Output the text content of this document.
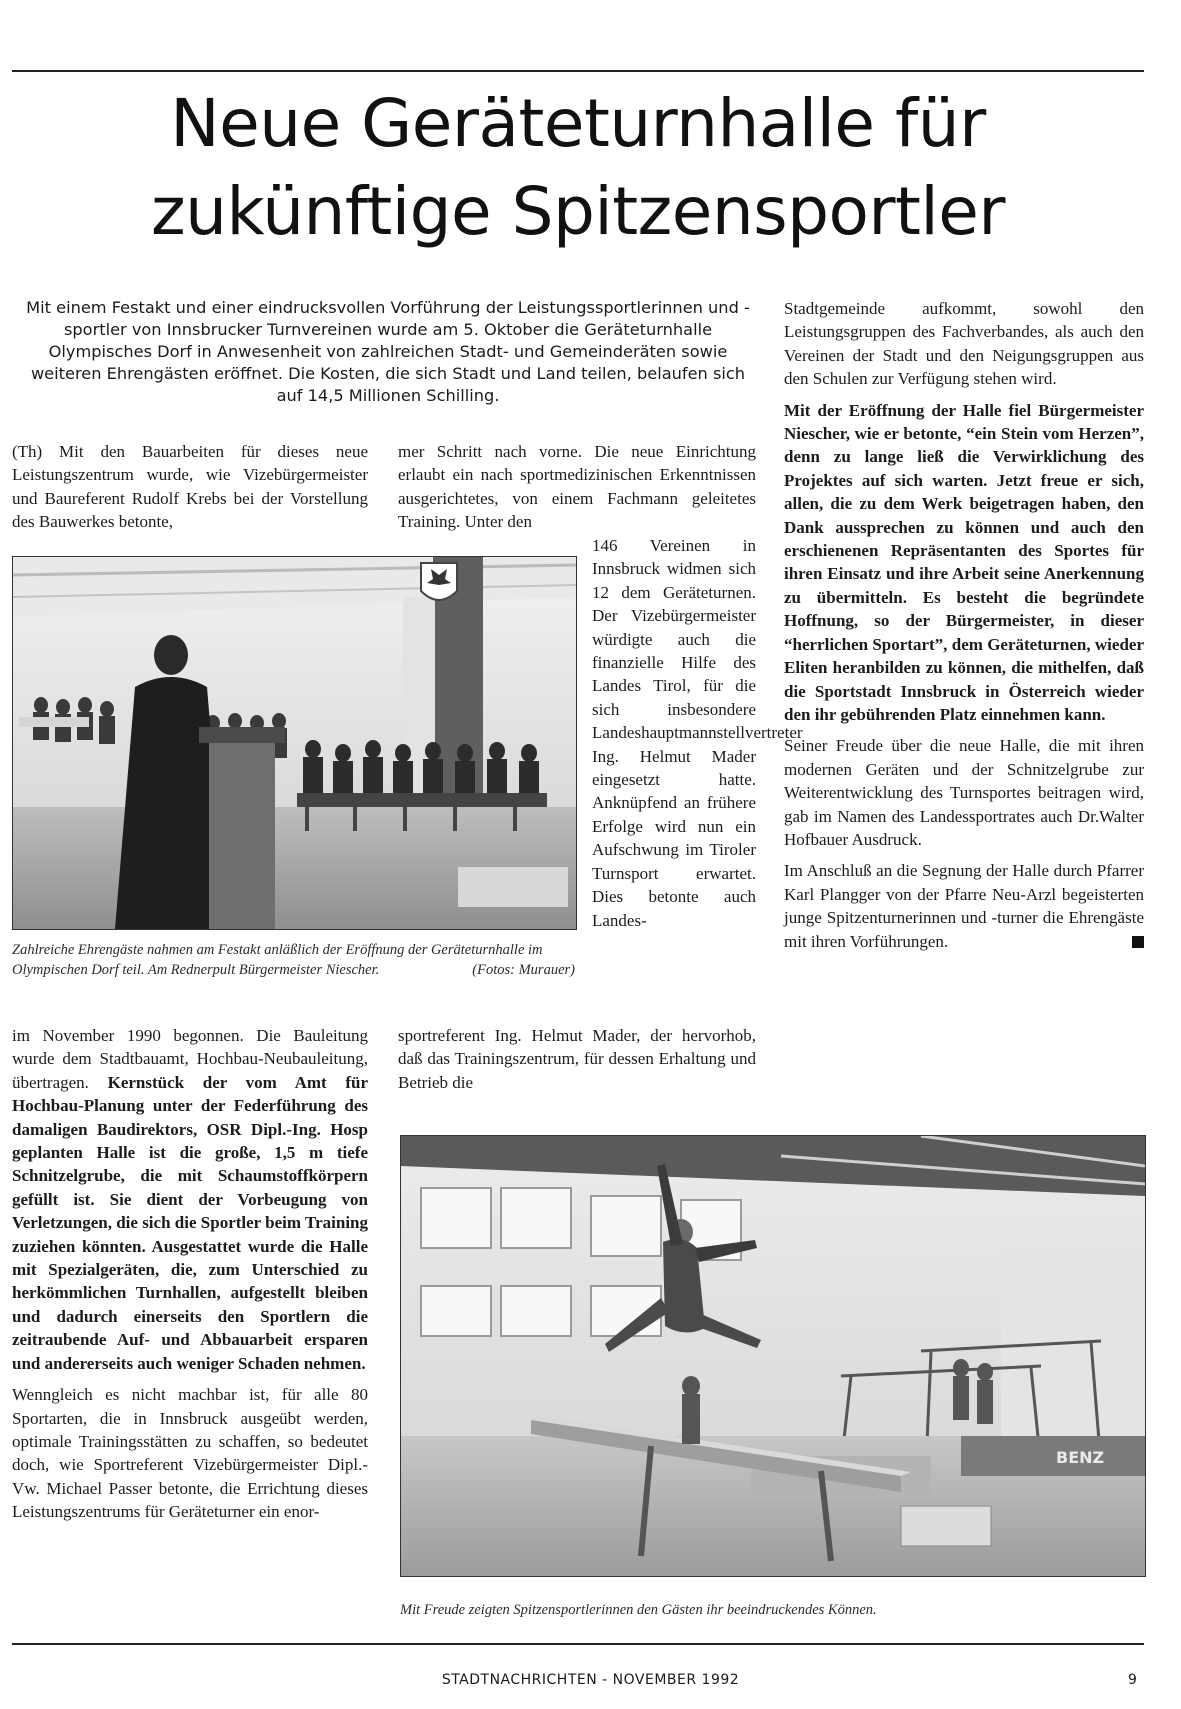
Neue Geräteturnhalle für
zukünftige Spitzensportler
Mit einem Festakt und einer eindrucksvollen Vorführung der Leistungssportlerinnen und -sportler von Innsbrucker Turnvereinen wurde am 5. Oktober die Geräteturnhalle Olympisches Dorf in Anwesenheit von zahlreichen Stadt- und Gemeinderäten sowie weiteren Ehrengästen eröffnet. Die Kosten, die sich Stadt und Land teilen, belaufen sich auf 14,5 Millionen Schilling.

(Th) Mit den Bauarbeiten für dieses neue Leistungszentrum wurde, wie Vizebürgermeister und Baureferent Rudolf Krebs bei der Vorstellung des Bauwerkes betonte,

mer Schritt nach vorne. Die neue Einrichtung erlaubt ein nach sportmedizinischen Erkenntnissen ausgerichtetes, von einem Fachmann geleitetes Training. Unter den

Zahlreiche Ehrengäste nahmen am Festakt anläßlich der Eröffnung der Geräteturnhalle im Olympischen Dorf teil. Am Rednerpult Bürgermeister Niescher.	(Fotos: Murauer)

146 Vereinen in Innsbruck widmen sich 12 dem Geräteturnen. Der Vizebürgermeister würdigte auch die finanzielle Hilfe des Landes Tirol, für die sich insbesondere Landeshauptmannstellvertreter Ing. Helmut Mader eingesetzt hatte. Anknüpfend an frühere Erfolge wird nun ein Aufschwung im Tiroler Turnsport erwartet. Dies betonte auch Landes-

im November 1990 begonnen. Die Bauleitung wurde dem Stadtbauamt, Hochbau-Neubauleitung, übertragen. Kernstück der vom Amt für Hochbau-Planung unter der Federführung des damaligen Baudirektors, OSR Dipl.-Ing. Hosp geplanten Halle ist die große, 1,5 m tiefe Schnitzelgrube, die mit Schaumstoffkörpern gefüllt ist. Sie dient der Vorbeugung von Verletzungen, die sich die Sportler beim Training zuziehen könnten. Ausgestattet wurde die Halle mit Spezialgeräten, die, zum Unterschied zu herkömmlichen Turnhallen, aufgestellt bleiben und dadurch einerseits den Sportlern die zeitraubende Auf- und Abbauarbeit ersparen und andererseits auch weniger Schaden nehmen.

Wenngleich es nicht machbar ist, für alle 80 Sportarten, die in Innsbruck ausgeübt werden, optimale Trainingsstätten zu schaffen, so bedeutet doch, wie Sportreferent Vizebürgermeister Dipl.-Vw. Michael Passer betonte, die Errichtung dieses Leistungszentrums für Geräteturner ein enor-

sportreferent Ing. Helmut Mader, der hervorhob, daß das Trainingszentrum, für dessen Erhaltung und Betrieb die

Stadtgemeinde aufkommt, sowohl den Leistungsgruppen des Fachverbandes, als auch den Vereinen der Stadt und den Neigungsgruppen aus den Schulen zur Verfügung stehen wird.

Mit der Eröffnung der Halle fiel Bürgermeister Niescher, wie er betonte, “ein Stein vom Herzen”, denn zu lange ließ die Verwirklichung des Projektes auf sich warten. Jetzt freue er sich, allen, die zu dem Werk beigetragen haben, den Dank aussprechen zu können und auch den erschienenen Repräsentanten des Sportes für ihren Einsatz und ihre Arbeit seine Anerkennung zu übermitteln. Es besteht die begründete Hoffnung, so der Bürgermeister, in dieser “herrlichen Sportart”, dem Geräteturnen, wieder Eliten heranbilden zu können, die mithelfen, daß die Sportstadt Innsbruck in Österreich wieder den ihr gebührenden Platz einnehmen kann.

Seiner Freude über die neue Halle, die mit ihren modernen Geräten und der Schnitzelgrube zur Weiterentwicklung des Turnsportes beitragen wird, gab im Namen des Landessportrates auch Dr.Walter Hofbauer Ausdruck.

Im Anschluß an die Segnung der Halle durch Pfarrer Karl Plangger von der Pfarre Neu-Arzl begeisterten junge Spitzenturnerinnen und -turner die Ehrengäste mit ihren Vorführungen.

BENZ
Mit Freude zeigten Spitzensportlerinnen den Gästen ihr beeindruckendes Können.
STADTNACHRICHTEN - NOVEMBER 1992	9
